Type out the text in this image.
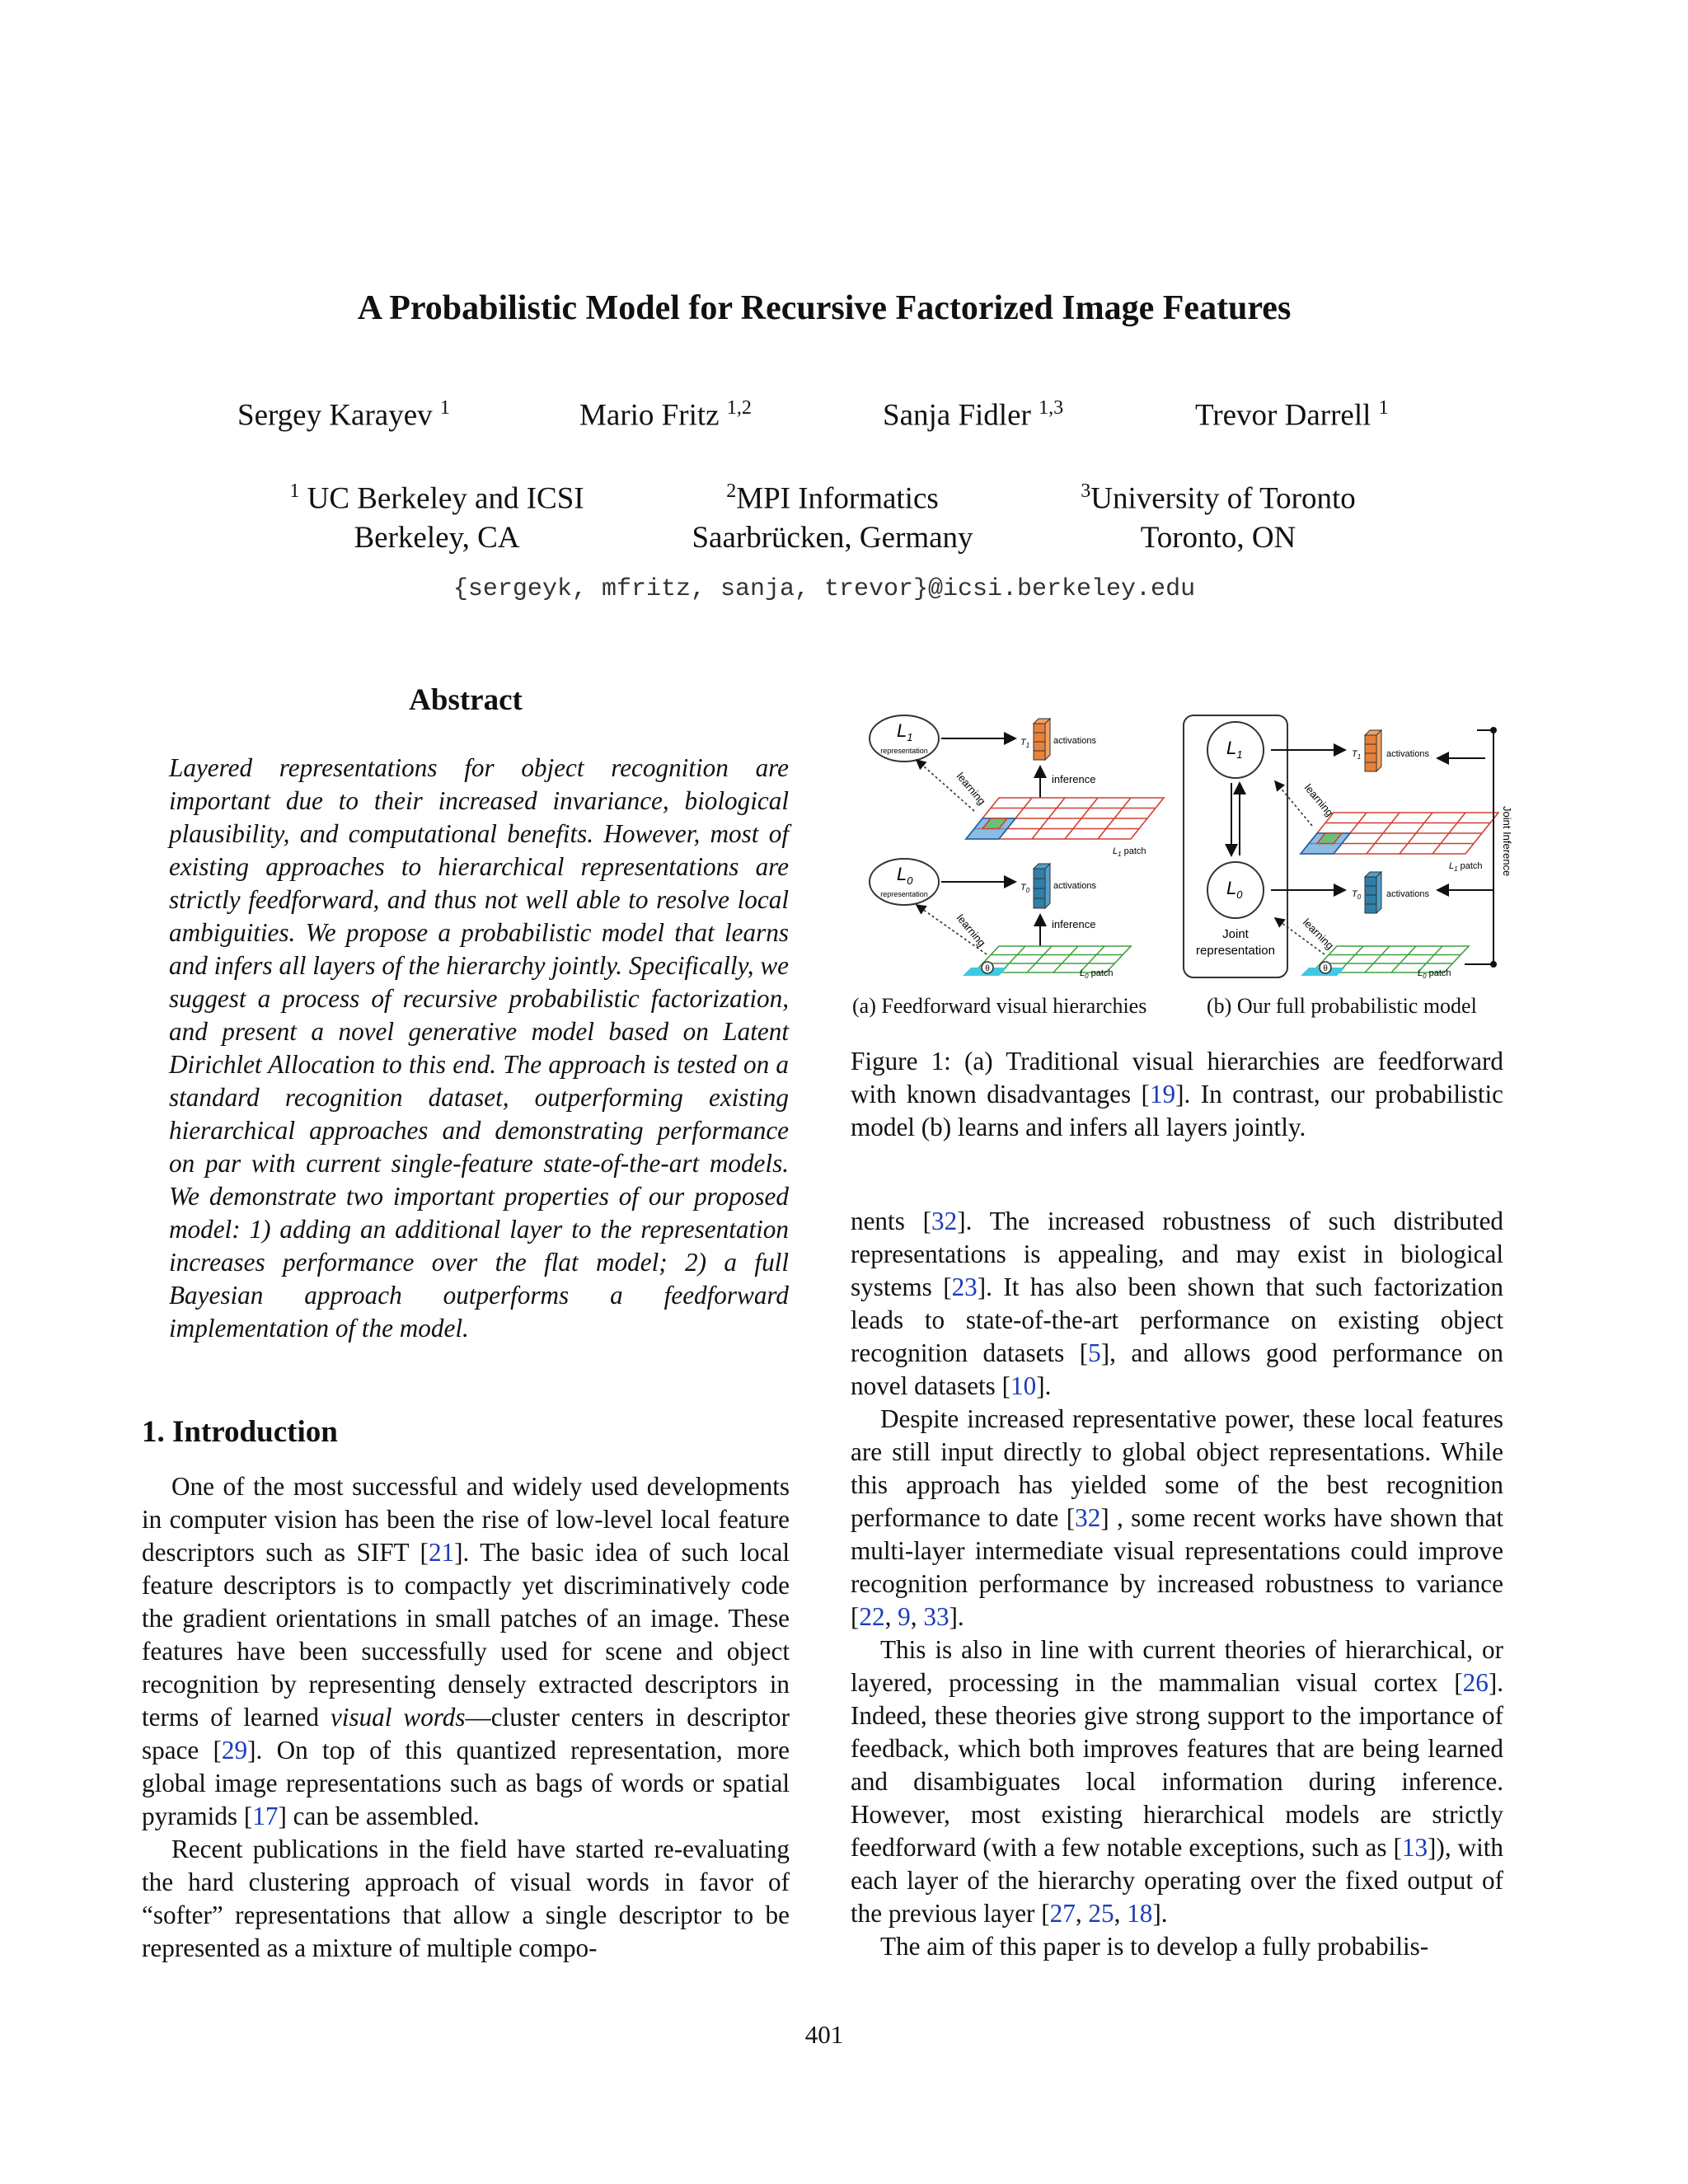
A Probabilistic Model for Recursive Factorized Image Features
Sergey Karayev $^1$	Mario Fritz $^{1,2}$	Sanja Fidler $^{1,3}$	Trevor Darrell $^1$
$^1$ UC Berkeley and ICSI
Berkeley, CA
$^2$MPI Informatics
Saarbrücken, Germany
$^3$University of Toronto
Toronto, ON
{sergeyk, mfritz, sanja, trevor}@icsi.berkeley.edu
Abstract
Layered representations for object recognition are important due to their increased invariance, biological plausibility, and computational benefits. However, most of existing approaches to hierarchical representations are strictly feedforward, and thus not well able to resolve local ambiguities. We propose a probabilistic model that learns and infers all layers of the hierarchy jointly. Specifically, we suggest a process of recursive probabilistic factorization, and present a novel generative model based on Latent Dirichlet Allocation to this end. The approach is tested on a standard recognition dataset, outperforming existing hierarchical approaches and demonstrating performance on par with current single-feature state-of-the-art models. We demonstrate two important properties of our proposed model: 1) adding an additional layer to the representation increases performance over the flat model; 2) a full Bayesian approach outperforms a feedforward implementation of the model.
1. Introduction

One of the most successful and widely used developments in computer vision has been the rise of low-level local feature descriptors such as SIFT [21]. The basic idea of such local feature descriptors is to compactly yet discriminatively code the gradient orientations in small patches of an image. These features have been successfully used for scene and object recognition by representing densely extracted descriptors in terms of learned visual words—cluster centers in descriptor space [29]. On top of this quantized representation, more global image representations such as bags of words or spatial pyramids [17] can be assembled.

Recent publications in the field have started re-evaluating the hard clustering approach of visual words in favor of “softer” representations that allow a single descriptor to be represented as a mixture of multiple compo-

$L_1$
representation
$L_0$
representation
$T_1$	activations
inference
$L_1$ patch
$T_0$	activations
inference
θ	$L_0$ patch
learning
learning
$L_1$
$L_0$
Joint
representation
$T_1$	activations
$L_1$ patch
$T_0$	activations
θ	$L_0$ patch
learning
learning
Joint Inference
(a) Feedforward visual hierarchies	(b) Our full probabilistic model
Figure 1: (a) Traditional visual hierarchies are feedforward with known disadvantages [19]. In contrast, our probabilistic model (b) learns and infers all layers jointly.

nents [32]. The increased robustness of such distributed representations is appealing, and may exist in biological systems [23]. It has also been shown that such factorization leads to state-of-the-art performance on existing object recognition datasets [5], and allows good performance on novel datasets [10].

Despite increased representative power, these local features are still input directly to global object representations. While this approach has yielded some of the best recognition performance to date [32] , some recent works have shown that multi-layer intermediate visual representations could improve recognition performance by increased robustness to variance [22, 9, 33].

This is also in line with current theories of hierarchical, or layered, processing in the mammalian visual cortex [26]. Indeed, these theories give strong support to the importance of feedback, which both improves features that are being learned and disambiguates local information during inference. However, most existing hierarchical models are strictly feedforward (with a few notable exceptions, such as [13]), with each layer of the hierarchy operating over the fixed output of the previous layer [27, 25, 18].

The aim of this paper is to develop a fully probabilis-

401
